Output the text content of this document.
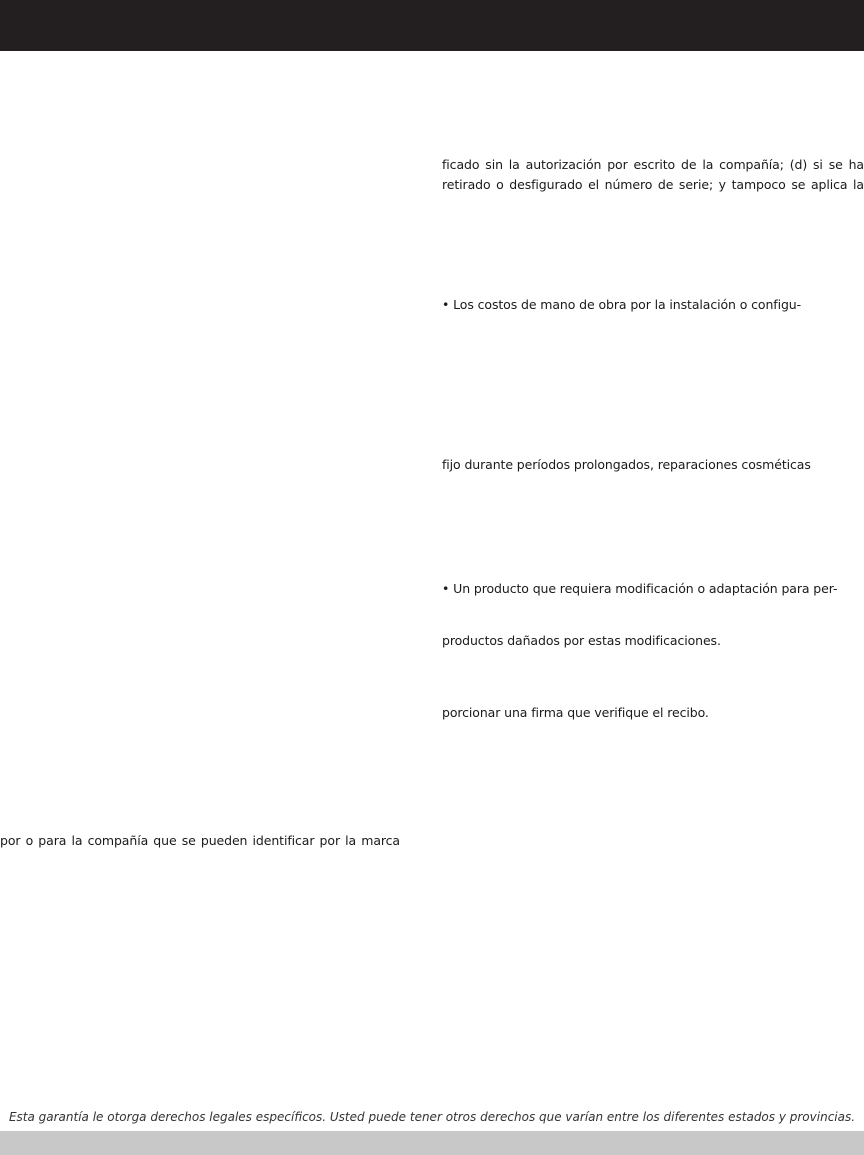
ficado sin la autorización por escrito de la compañía; (d) si se ha
retirado o desfigurado el número de serie; y tampoco se aplica la
• Los costos de mano de obra por la instalación o configu-
fijo durante períodos prolongados, reparaciones cosméticas
• Un producto que requiera modificación o adaptación para per-
productos dañados por estas modificaciones.
porcionar una firma que verifique el recibo.
por o para la compañía que se pueden identificar por la marca
Esta garantía le otorga derechos legales específicos. Usted puede tener otros derechos que varían entre los diferentes estados y provincias.
